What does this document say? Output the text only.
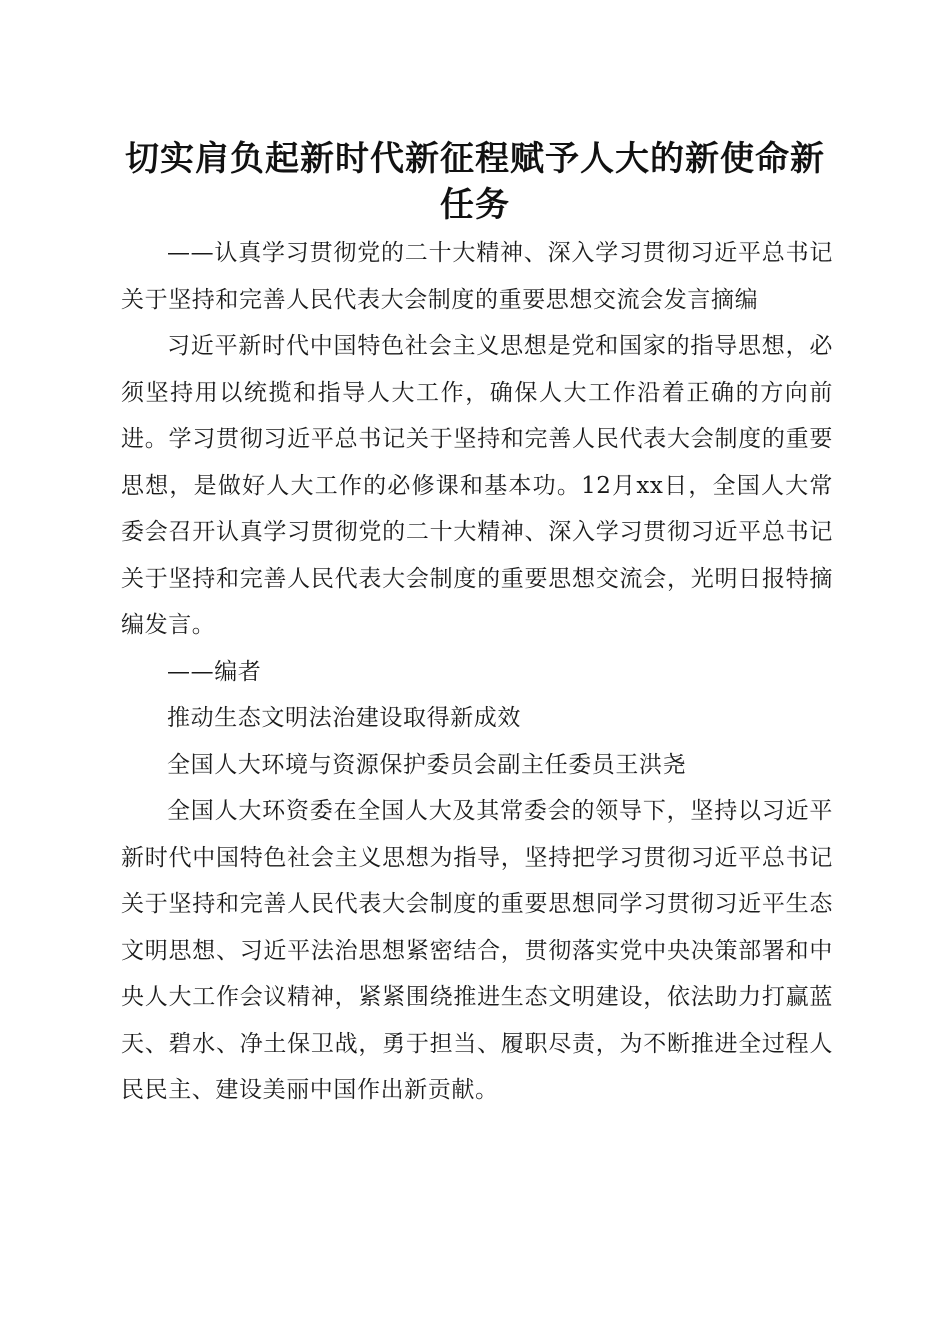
切实肩负起新时代新征程赋予人大的新使命新任务

——认真学习贯彻党的二十大精神、深入学习贯彻习近平总书记关于坚持和完善人民代表大会制度的重要思想交流会发言摘编

习近平新时代中国特色社会主义思想是党和国家的指导思想，必须坚持用以统揽和指导人大工作，确保人大工作沿着正确的方向前进。学习贯彻习近平总书记关于坚持和完善人民代表大会制度的重要思想，是做好人大工作的必修课和基本功。12月xx日，全国人大常委会召开认真学习贯彻党的二十大精神、深入学习贯彻习近平总书记关于坚持和完善人民代表大会制度的重要思想交流会，光明日报特摘编发言。

——编者

推动生态文明法治建设取得新成效

全国人大环境与资源保护委员会副主任委员王洪尧

全国人大环资委在全国人大及其常委会的领导下，坚持以习近平新时代中国特色社会主义思想为指导，坚持把学习贯彻习近平总书记关于坚持和完善人民代表大会制度的重要思想同学习贯彻习近平生态文明思想、习近平法治思想紧密结合，贯彻落实党中央决策部署和中央人大工作会议精神，紧紧围绕推进生态文明建设，依法助力打赢蓝天、碧水、净土保卫战，勇于担当、履职尽责，为不断推进全过程人民民主、建设美丽中国作出新贡献。
